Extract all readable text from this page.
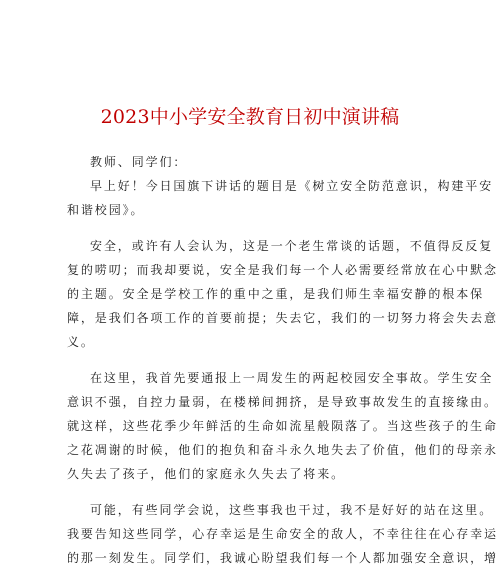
2023中小学安全教育日初中演讲稿
教师、同学们：
早上好！今日国旗下讲话的题目是《树立安全防范意识，构建平安
和谐校园》。
安全，或许有人会认为，这是一个老生常谈的话题，不值得反反复
复的唠叨；而我却要说，安全是我们每一个人必需要经常放在心中默念
的主题。安全是学校工作的重中之重，是我们师生幸福安静的根本保
障，是我们各项工作的首要前提；失去它，我们的一切努力将会失去意
义。
在这里，我首先要通报上一周发生的两起校园安全事故。学生安全
意识不强，自控力量弱，在楼梯间拥挤，是导致事故发生的直接缘由。
就这样，这些花季少年鲜活的生命如流星般陨落了。当这些孩子的生命
之花凋谢的时候，他们的抱负和奋斗永久地失去了价值，他们的母亲永
久失去了孩子，他们的家庭永久失去了将来。
可能，有些同学会说，这些事我也干过，我不是好好的站在这里。
我要告知这些同学，心存幸运是生命安全的敌人，不幸往往在心存幸运
的那一刻发生。同学们，我诚心盼望我们每一个人都加强安全意识，增
